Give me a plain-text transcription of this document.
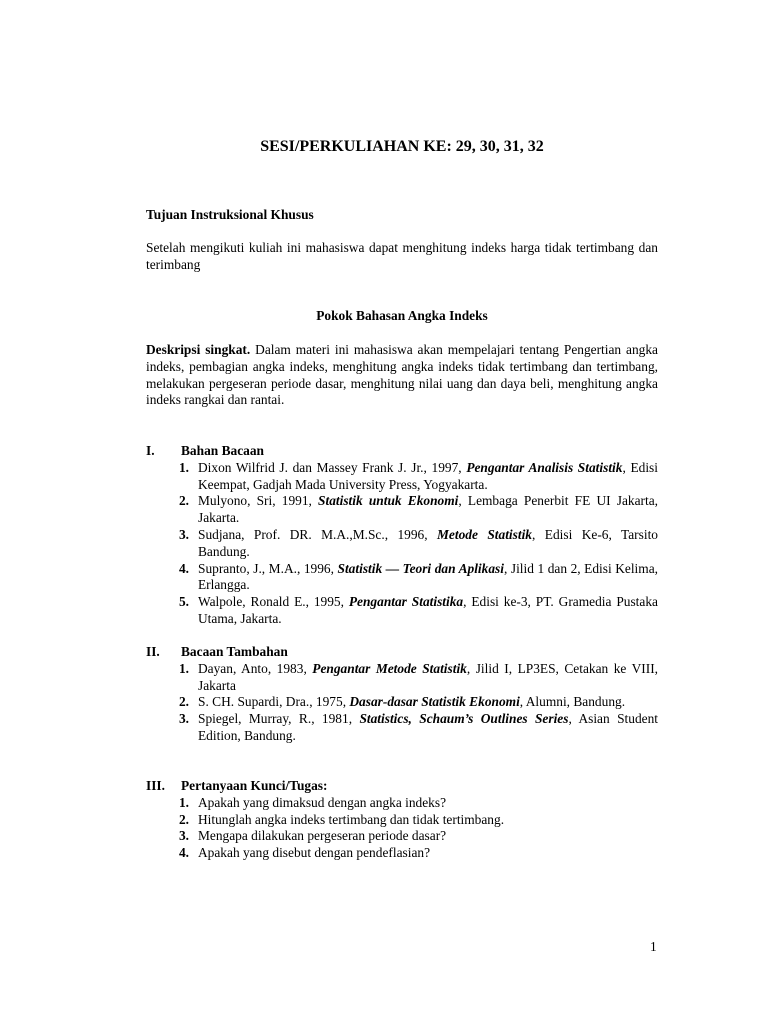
SESI/PERKULIAHAN KE: 29, 30, 31, 32
Tujuan Instruksional Khusus
Setelah mengikuti kuliah ini mahasiswa dapat menghitung indeks harga tidak tertimbang dan terimbang
Pokok Bahasan Angka Indeks
Deskripsi singkat. Dalam materi ini mahasiswa akan mempelajari tentang Pengertian angka indeks, pembagian angka indeks, menghitung angka indeks tidak tertimbang dan tertimbang, melakukan pergeseran periode dasar, menghitung nilai uang dan daya beli, menghitung angka indeks rangkai dan rantai.
I.	Bahan Bacaan
1. Dixon Wilfrid J. dan Massey Frank J. Jr., 1997, Pengantar Analisis Statistik, Edisi Keempat, Gadjah Mada University Press, Yogyakarta.
2. Mulyono, Sri, 1991, Statistik untuk Ekonomi, Lembaga Penerbit FE UI Jakarta, Jakarta.
3. Sudjana, Prof. DR. M.A.,M.Sc., 1996, Metode Statistik, Edisi Ke-6, Tarsito Bandung.
4. Supranto, J., M.A., 1996, Statistik — Teori dan Aplikasi, Jilid 1 dan 2, Edisi Kelima, Erlangga.
5. Walpole, Ronald E., 1995, Pengantar Statistika, Edisi ke-3, PT. Gramedia Pustaka Utama, Jakarta.
II.	Bacaan Tambahan
1. Dayan, Anto, 1983, Pengantar Metode Statistik, Jilid I, LP3ES, Cetakan ke VIII, Jakarta
2. S. CH. Supardi, Dra., 1975, Dasar-dasar Statistik Ekonomi, Alumni, Bandung.
3. Spiegel, Murray, R., 1981, Statistics, Schaum’s Outlines Series, Asian Student Edition, Bandung.
III.	Pertanyaan Kunci/Tugas:
1. Apakah yang dimaksud dengan angka indeks?
2. Hitunglah angka indeks tertimbang dan tidak tertimbang.
3. Mengapa dilakukan pergeseran periode dasar?
4. Apakah yang disebut dengan pendeflasian?
1
